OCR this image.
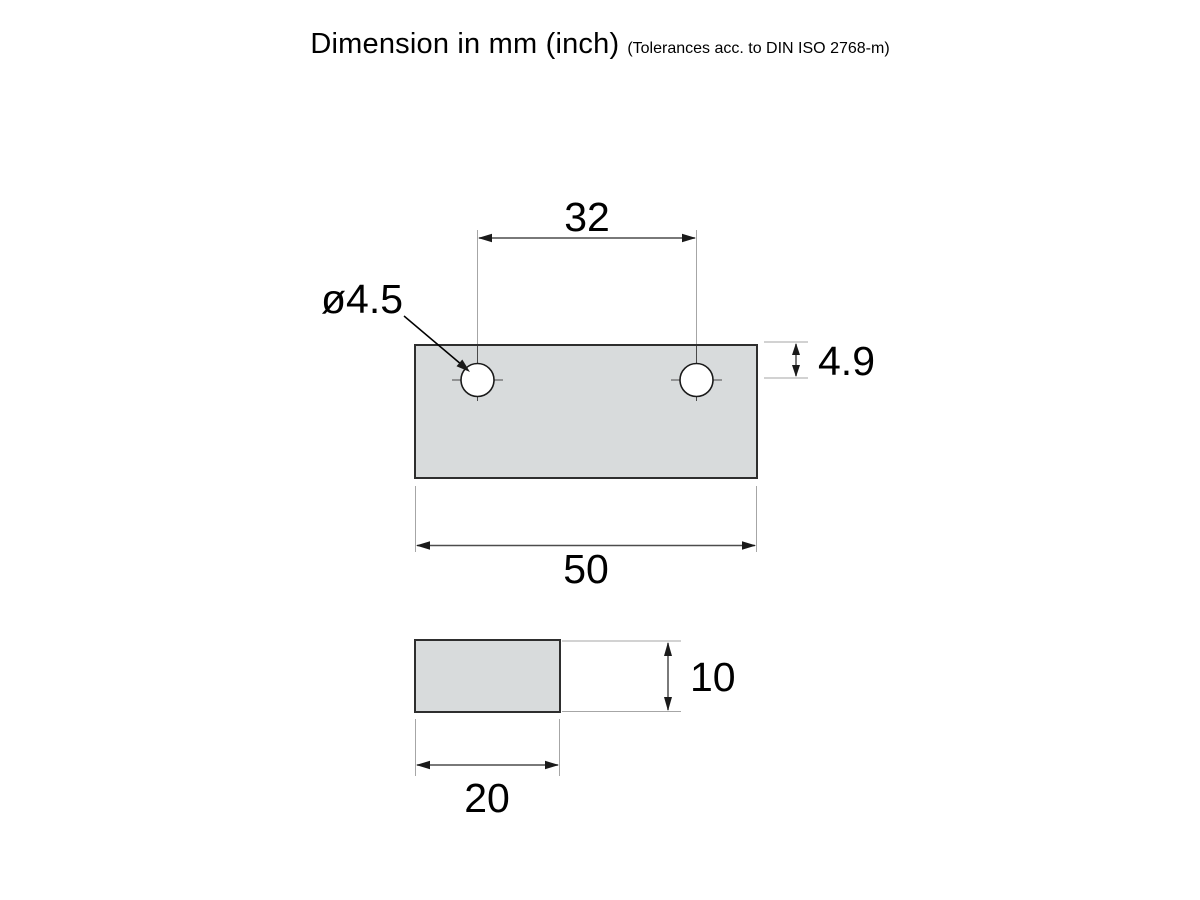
Dimension in mm (inch) (Tolerances acc. to DIN ISO 2768-m)
32
ø4.5
4.9
50
10
20
